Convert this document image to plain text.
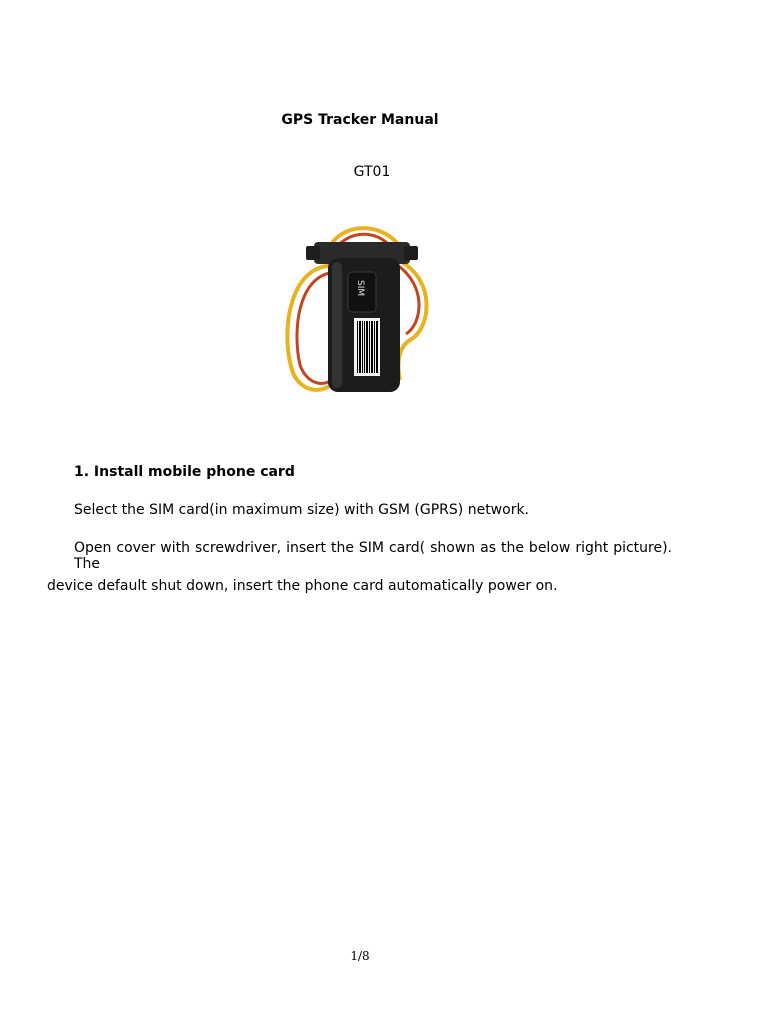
GPS Tracker Manual
GT01
SIM
1. Install mobile phone card
Select the SIM card(in maximum size) with GSM (GPRS) network.
Open cover with screwdriver, insert the SIM card( shown as the below right picture). The
device default shut down, insert the phone card automatically power on.
1/8
